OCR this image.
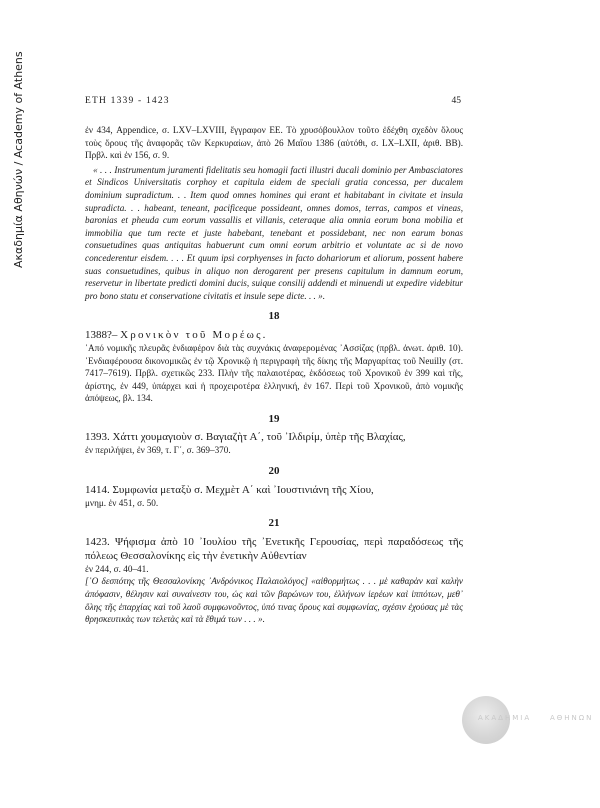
Ακαδημία Αθηνών / Academy of Athens	ΕΤΗ 1339 - 1423	45

ἐν 434, Appendice, σ. LXV–LXVIII, ἔγγραφον ΕΕ. Τὸ χρυσόβουλλον τοῦτο ἐδέχθη σχεδὸν ὅλους τοὺς ὅρους τῆς ἀναφορᾶς τῶν Κερκυραίων, ἀπὸ 26 Μαΐου 1386 (αὐτόθι, σ. LX–LXII, ἀριθ. BB). Πρβλ. καὶ ἐν 156, σ. 9.

« . . . Instrumentum juramenti fidelitatis seu homagii facti illustri ducali dominio per Ambasciatores et Sindicos Universitatis corphoy et capitula eidem de speciali gratia concessa, per ducalem dominium supradictum. . . Item quod omnes homines qui erant et habitabant in civitate et insula supradicta. . . habeant, teneant, pacificeque possideant, omnes domos, terras, campos et vineas, baronias et pheuda cum eorum vassallis et villanis, ceteraque alia omnia eorum bona mobilia et immobilia que tum recte et juste habebant, tenebant et possidebant, nec non earum bonas consuetudines quas antiquitas habuerunt cum omni eorum arbitrio et voluntate ac si de novo concederentur eisdem. . . . Et quum ipsi corphyenses in facto dohariorum et aliorum, possent habere suas consuetudines, quibus in aliquo non derogarent per presens capitulum in damnum eorum, reservetur in libertate predicti domini ducis, suique consilij addendi et minuendi ut expedire videbitur pro bono statu et conservatione civitatis et insule sepe dicte. . . ».

18
1388?– Χρονικὸν τοῦ Μορέως.

᾿Από νομικῆς πλευρᾶς ἐνδιαφέρον διὰ τὰς συχνάκις ἀναφερομένας ᾿Ασσίζας (πρβλ. ἀνωτ. ἀριθ. 10). ᾿Ενδιαφέρουσα δικονομικῶς ἐν τῷ Χρονικῷ ἡ περιγραφὴ τῆς δίκης τῆς Μαργαρίτας τοῦ Neuilly (στ. 7417–7619). Πρβλ. σχετικῶς 233. Πλὴν τῆς παλαιοτέρας, ἐκδόσεως τοῦ Χρονικοῦ ἐν 399 καὶ τῆς, ἀρίστης, ἐν 449, ὑπάρχει καὶ ἡ προχειροτέρα ἑλληνική, ἐν 167. Περὶ τοῦ Χρονικοῦ, ἀπὸ νομικῆς ἀπόψεως, βλ. 134.

19
1393. Χάττι χουμαγιοὺν σ. Βαγιαζὴτ Α΄, τοῦ ᾿Ιλδιρίμ, ὑπὲρ τῆς Βλαχίας,

ἐν περιλήψει, ἐν 369, τ. Γ΄, σ. 369–370.

20
1414. Συμφωνία μεταξὺ σ. Μεχμὲτ Α΄ καὶ ᾿Ιουστινιάνη τῆς Χίου,

μνημ. ἐν 451, σ. 50.

21
1423. Ψήφισμα ἀπὸ 10 ᾿Ιουλίου τῆς ᾿Ενετικῆς Γερουσίας, περὶ παραδόσεως τῆς πόλεως Θεσσαλονίκης εἰς τὴν ἐνετικὴν Αὐθεντίαν

ἐν 244, σ. 40–41.

[᾿Ο δεσπότης τῆς Θεσσαλονίκης ᾿Ανδρόνικος Παλαιολόγος] «αἰθορμήτως . . . μὲ καθαρὰν καὶ καλὴν ἀπόφασιν, θέλησιν καὶ συναίνεσιν του, ὡς καὶ τῶν βαρώνων του, ἑλλήνων ἱερέων καὶ ἱππότων, μεθ᾿ ὅλης τῆς ἐπαρχίας καὶ τοῦ λαοῦ συμφωνοῦντος, ὑπό τινας ὅρους καὶ συμφωνίας, σχέσιν ἐχούσας μὲ τὰς θρησκευτικὰς των τελετὰς καὶ τὰ ἔθιμά των . . . ».

ΑΚΑΔΗΜΙΑ	ΑΘΗΝΩΝ
